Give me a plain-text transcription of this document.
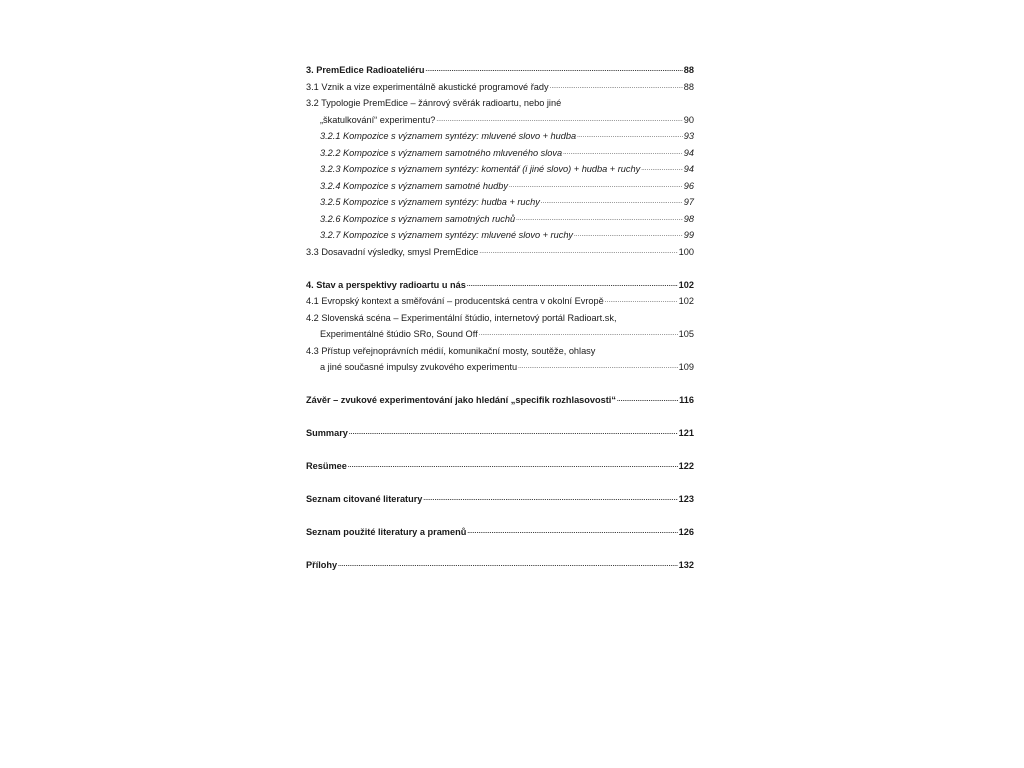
3. PremEdice Radioateliéru .....	88
3.1 Vznik a vize experimentálně akustické programové řady .....	88
3.2 Typologie PremEdice – žánrový svěrák radioartu, nebo jiné
„škatulkování“ experimentu? .....	90
3.2.1 Kompozice s významem syntézy: mluvené slovo + hudba .....	93
3.2.2 Kompozice s významem samotného mluveného slova .....	94
3.2.3 Kompozice s významem syntézy: komentář (i jiné slovo) + hudba + ruchy .....	94
3.2.4 Kompozice s významem samotné hudby .....	96
3.2.5 Kompozice s významem syntézy: hudba + ruchy .....	97
3.2.6 Kompozice s významem samotných ruchů .....	98
3.2.7 Kompozice s významem syntézy: mluvené slovo + ruchy .....	99
3.3 Dosavadní výsledky, smysl PremEdice .....	100
4. Stav a perspektivy radioartu u nás .....	102
4.1 Evropský kontext a směřování – producentská centra v okolní Evropě .....	102
4.2 Slovenská scéna – Experimentální štúdio, internetový portál Radioart.sk,
Experimentálné štúdio SRo, Sound Off .....	105
4.3 Přístup veřejnoprávních médií, komunikační mosty, soutěže, ohlasy
a jiné současné impulsy zvukového experimentu .....	109
Závěr – zvukové experimentování jako hledání „specifik rozhlasovosti“ .....	116
Summary .....	121
Resümee .....	122
Seznam citované literatury .....	123
Seznam použité literatury a pramenů .....	126
Přílohy .....	132
